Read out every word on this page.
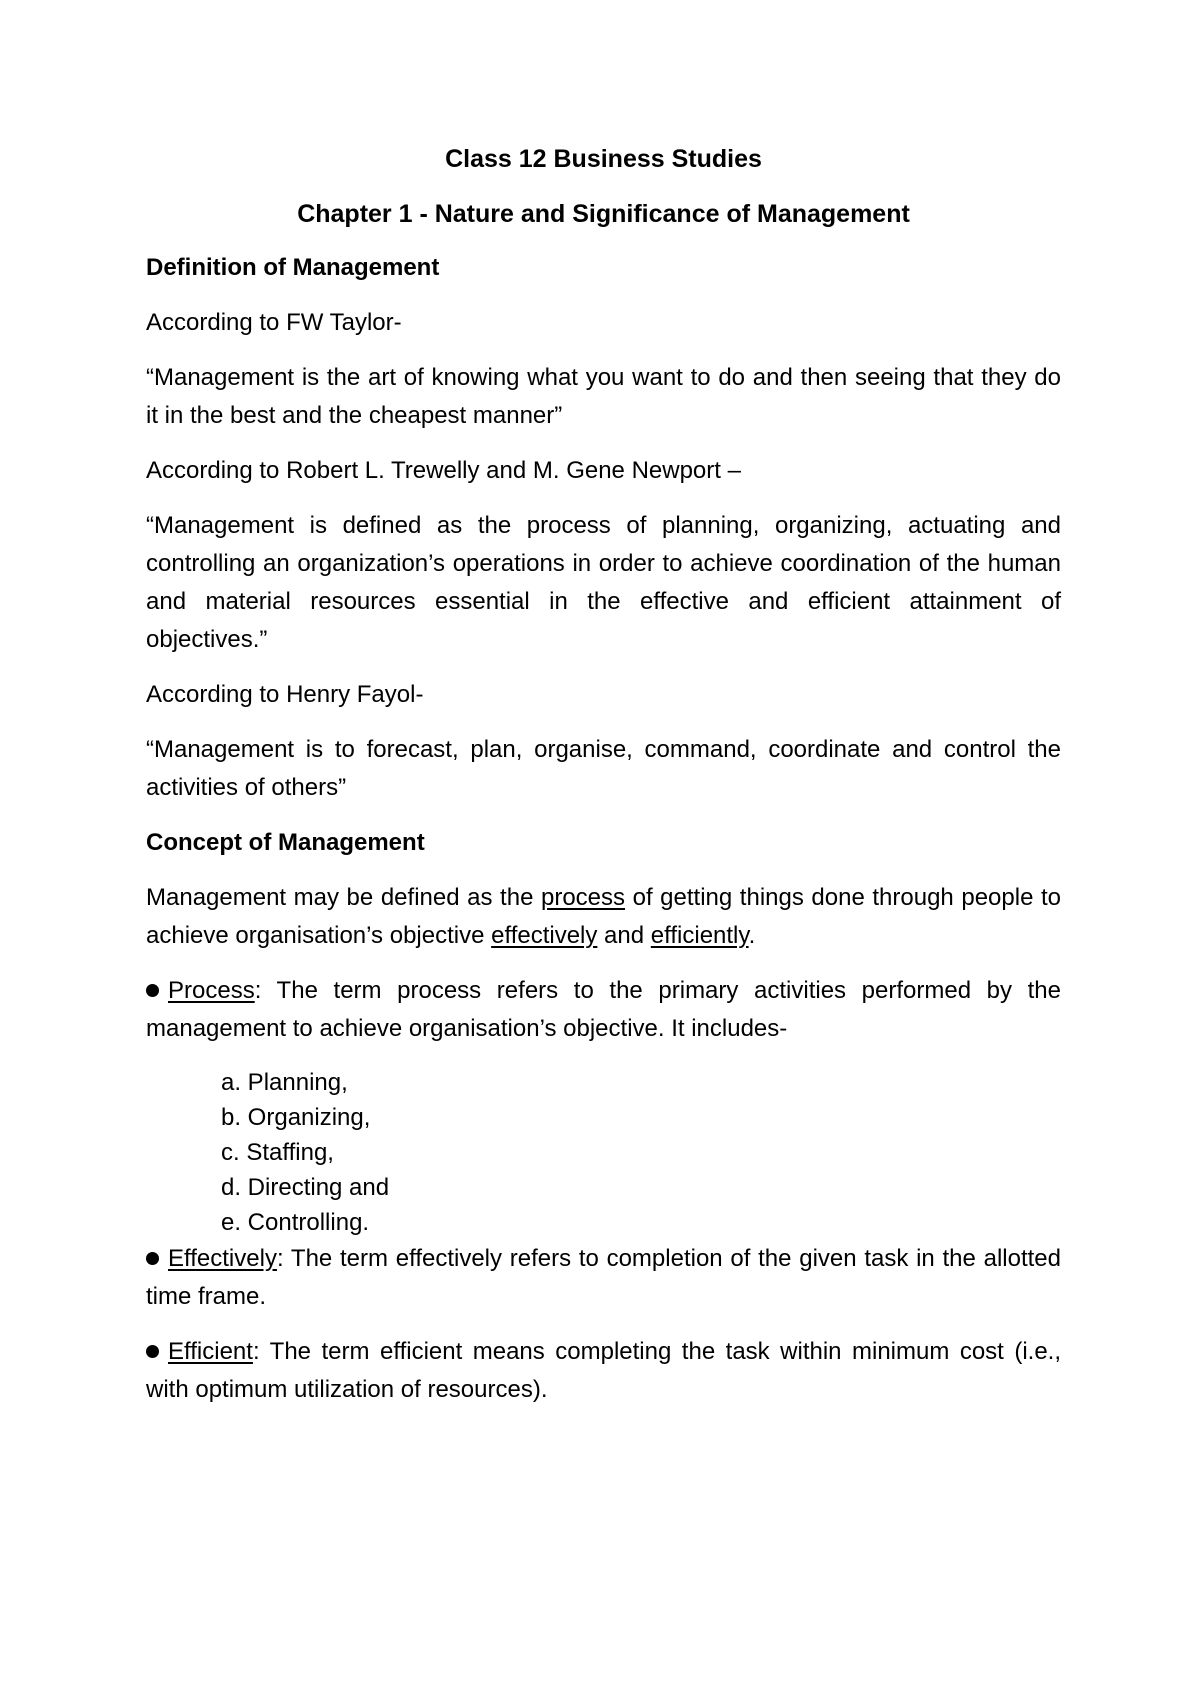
Class 12 Business Studies
Chapter 1 - Nature and Significance of Management
Definition of Management

According to FW Taylor-

“Management is the art of knowing what you want to do and then seeing that they do it in the best and the cheapest manner”

According to Robert L. Trewelly and M. Gene Newport –

“Management is defined as the process of planning, organizing, actuating and controlling an organization’s operations in order to achieve coordination of the human and material resources essential in the effective and efficient attainment of objectives.”

According to Henry Fayol-

“Management is to forecast, plan, organise, command, coordinate and control the activities of others”

Concept of Management

Management may be defined as the process of getting things done through people to achieve organisation’s objective effectively and efficiently.

Process: The term process refers to the primary activities performed by the management to achieve organisation’s objective. It includes-

a. Planning,
b. Organizing,
c. Staffing,
d. Directing and
e. Controlling.

Effectively: The term effectively refers to completion of the given task in the allotted time frame.

Efficient: The term efficient means completing the task within minimum cost (i.e., with optimum utilization of resources).
